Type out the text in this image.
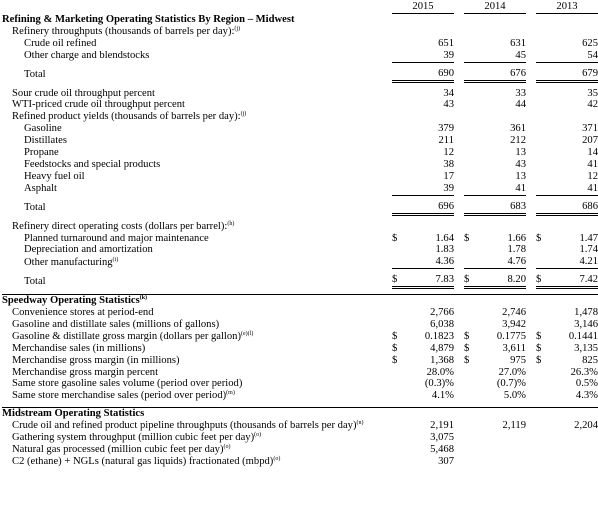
	2015			2014			2013	
Refining & Marketing Operating Statistics By Region – Midwest								
Refinery throughputs (thousands of barrels per day):$^{(j)}$
Crude oil refined		651			631			625
Other charge and blendstocks		39			45			54

Total		690			676			679

Sour crude oil throughput percent		34			33			35
WTI-priced crude oil throughput percent		43			44			42
Refined product yields (thousands of barrels per day):$^{(j)}$
Gasoline		379			361			371
Distillates		211			212			207
Propane		12			13			14
Feedstocks and special products		38			43			41
Heavy fuel oil		17			13			12
Asphalt		39			41			41

Total		696			683			686

Refinery direct operating costs (dollars per barrel):$^{(h)}$
Planned turnaround and major maintenance	$	1.64		$	1.66		$	1.47
Depreciation and amortization		1.83			1.78			1.74
Other manufacturing$^{(i)}$		4.36			4.76			4.21

Total	$	7.83		$	8.20		$	7.42

Speedway Operating Statistics$^{(k)}$
Convenience stores at period-end		2,766			2,746			1,478
Gasoline and distillate sales (millions of gallons)		6,038			3,942			3,146
Gasoline & distillate gross margin (dollars per gallon)$^{(e)(l)}$	$	0.1823		$	0.1775		$	0.1441
Merchandise sales (in millions)	$	4,879		$	3,611		$	3,135
Merchandise gross margin (in millions)	$	1,368		$	975		$	825
Merchandise gross margin percent		28.0%			27.0%			26.3%
Same store gasoline sales volume (period over period)		(0.3)%			(0.7)%			0.5%
Same store merchandise sales (period over period)$^{(m)}$		4.1%			5.0%			4.3%

Midstream Operating Statistics								
Crude oil and refined product pipeline throughputs (thousands of barrels per day)$^{(n)}$		2,191			2,119			2,204
Gathering system throughput (million cubic feet per day)$^{(o)}$		3,075						
Natural gas processed (million cubic feet per day)$^{(o)}$		5,468						
C2 (ethane) + NGLs (natural gas liquids) fractionated (mbpd)$^{(o)}$		307						
